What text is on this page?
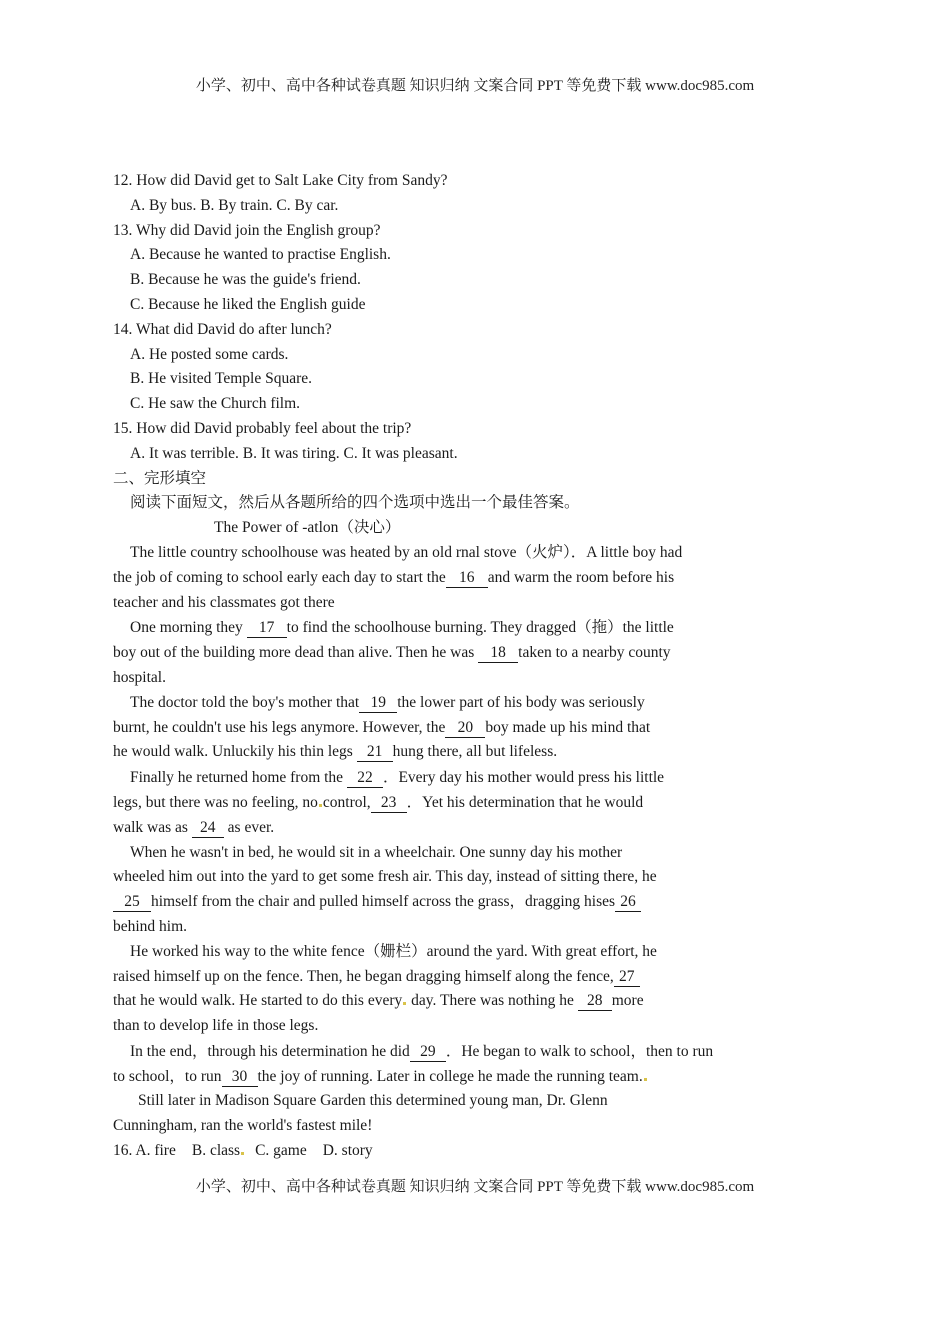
小学、初中、高中各种试卷真题 知识归纳 文案合同 PPT 等免费下载 www.doc985.com
12. How did David get to Salt Lake City from Sandy?
A. By bus. B. By train. C. By car.
13. Why did David join the English group?
A. Because he wanted to practise English.
B. Because he was the guide's friend.
C. Because he liked the English guide
14. What did David do after lunch?
A. He posted some cards.
B. He visited Temple Square.
C. He saw the Church film.
15. How did David probably feel about the trip?
A. It was terrible. B. It was tiring. C. It was pleasant.
二、完形填空
阅读下面短文，然后从各题所给的四个选项中选出一个最佳答案。
The Power of -atlon（决心）
The little country schoolhouse was heated by an old rnal stove（火炉）．A little boy had
the job of coming to school early each day to start the 16 and warm the room before his
teacher and his classmates got there
One morning they 17 to find the schoolhouse burning. They dragged（拖）the little
boy out of the building more dead than alive. Then he was 18 taken to a nearby county
hospital.
The doctor told the boy's mother that 19 the lower part of his body was seriously
burnt, he couldn't use his legs anymore. However, the 20 boy made up his mind that
he would walk. Unluckily his thin legs 21 hung there, all but lifeless.
Finally he returned home from the 22 ．Every day his mother would press his little
legs, but there was no feeling, no control, 23 ．Yet his determination that he would
walk was as 24 as ever.
When he wasn't in bed, he would sit in a wheelchair. One sunny day his mother
wheeled him out into the yard to get some fresh air. This day, instead of sitting there, he
25 himself from the chair and pulled himself across the grass，dragging hises 26
behind him.
He worked his way to the white fence（姗栏）around the yard. With great effort, he
raised himself up on the fence. Then, he began dragging himself along the fence, 27
that he would walk. He started to do this every day. There was nothing he 28 more
than to develop life in those legs.
In the end，through his determination he did 29 ．He began to walk to school，then to run
to school，to run 30 the joy of running. Later in college he made the running team.
Still later in Madison Square Garden this determined young man, Dr. Glenn
Cunningham, ran the world's fastest mile!
16. A. fire B. class C. game D. story
小学、初中、高中各种试卷真题 知识归纳 文案合同 PPT 等免费下载 www.doc985.com
